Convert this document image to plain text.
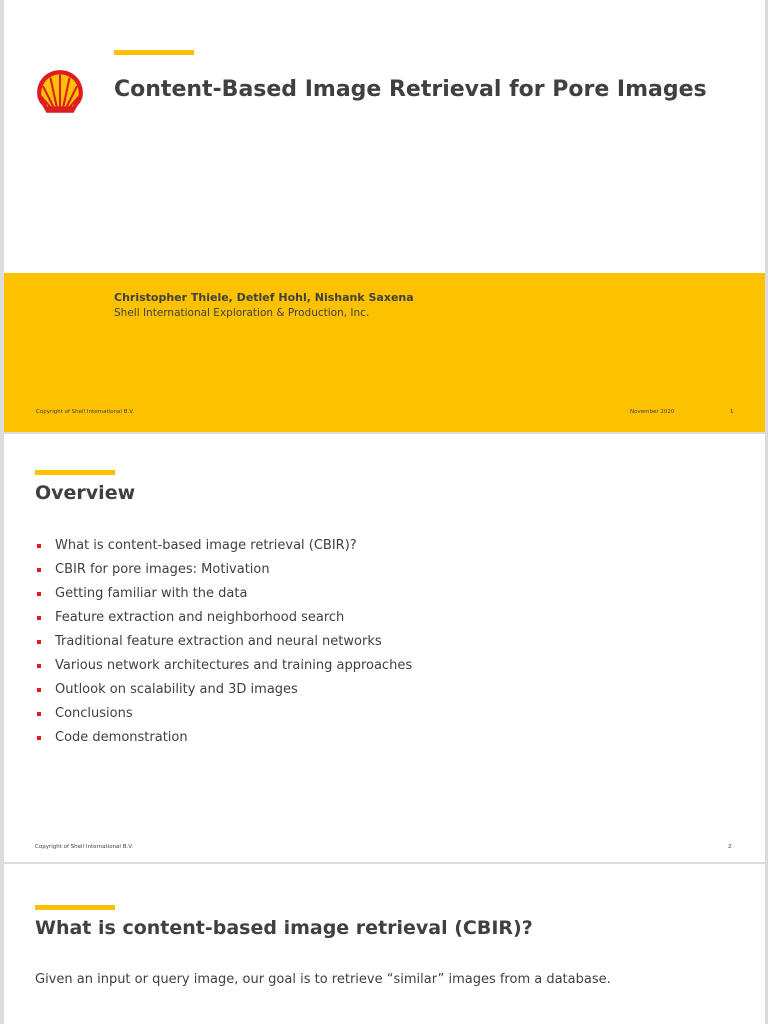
Content-Based Image Retrieval for Pore Images
Christopher Thiele, Detlef Hohl, Nishank Saxena
Shell International Exploration & Production, Inc.
Copyright of Shell International B.V.	November 2020	1
Overview
What is content-based image retrieval (CBIR)?
CBIR for pore images: Motivation
Getting familiar with the data
Feature extraction and neighborhood search
Traditional feature extraction and neural networks
Various network architectures and training approaches
Outlook on scalability and 3D images
Conclusions
Code demonstration
Copyright of Shell International B.V.	2
What is content-based image retrieval (CBIR)?
Given an input or query image, our goal is to retrieve “similar” images from a database.
